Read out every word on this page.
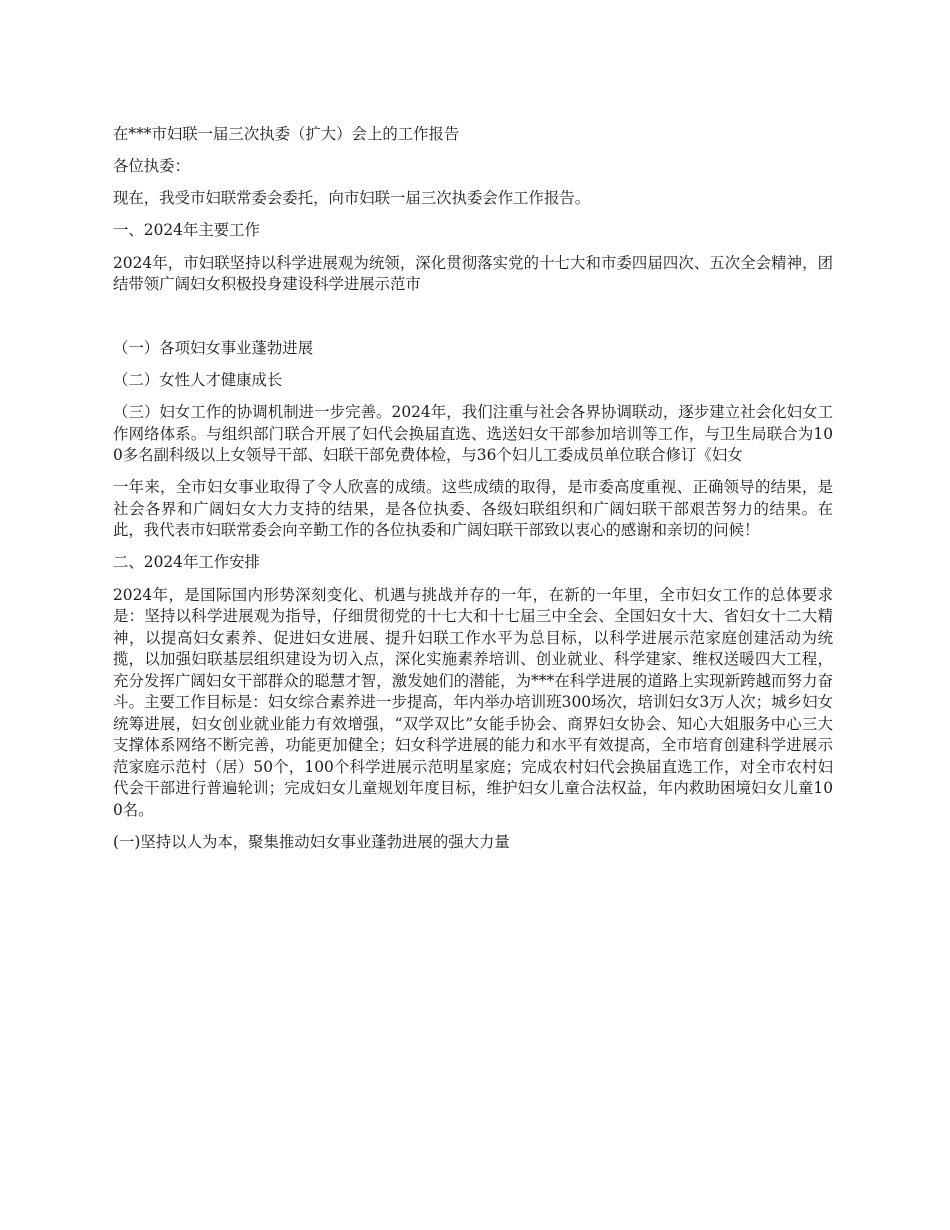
在***市妇联一届三次执委（扩大）会上的工作报告

各位执委：

现在，我受市妇联常委会委托，向市妇联一届三次执委会作工作报告。

一、2024年主要工作

2024年，市妇联坚持以科学进展观为统领，深化贯彻落实党的十七大和市委四届四次、五次全会精神，团结带领广阔妇女积极投身建设科学进展示范市

（一）各项妇女事业蓬勃进展

（二）女性人才健康成长

（三）妇女工作的协调机制进一步完善。2024年，我们注重与社会各界协调联动，逐步建立社会化妇女工作网络体系。与组织部门联合开展了妇代会换届直选、选送妇女干部参加培训等工作，与卫生局联合为100多名副科级以上女领导干部、妇联干部免费体检，与36个妇儿工委成员单位联合修订《妇女

一年来，全市妇女事业取得了令人欣喜的成绩。这些成绩的取得，是市委高度重视、正确领导的结果，是社会各界和广阔妇女大力支持的结果，是各位执委、各级妇联组织和广阔妇联干部艰苦努力的结果。在此，我代表市妇联常委会向辛勤工作的各位执委和广阔妇联干部致以衷心的感谢和亲切的问候！

二、2024年工作安排

2024年，是国际国内形势深刻变化、机遇与挑战并存的一年，在新的一年里，全市妇女工作的总体要求是：坚持以科学进展观为指导，仔细贯彻党的十七大和十七届三中全会、全国妇女十大、省妇女十二大精神，以提高妇女素养、促进妇女进展、提升妇联工作水平为总目标，以科学进展示范家庭创建活动为统揽，以加强妇联基层组织建设为切入点，深化实施素养培训、创业就业、科学建家、维权送暖四大工程，充分发挥广阔妇女干部群众的聪慧才智，激发她们的潜能，为***在科学进展的道路上实现新跨越而努力奋斗。主要工作目标是：妇女综合素养进一步提高，年内举办培训班300场次，培训妇女3万人次；城乡妇女统筹进展，妇女创业就业能力有效增强，“双学双比”女能手协会、商界妇女协会、知心大姐服务中心三大支撑体系网络不断完善，功能更加健全；妇女科学进展的能力和水平有效提高，全市培育创建科学进展示范家庭示范村（居）50个，100个科学进展示范明星家庭；完成农村妇代会换届直选工作，对全市农村妇代会干部进行普遍轮训；完成妇女儿童规划年度目标，维护妇女儿童合法权益，年内救助困境妇女儿童100名。

(一)坚持以人为本，聚集推动妇女事业蓬勃进展的强大力量
